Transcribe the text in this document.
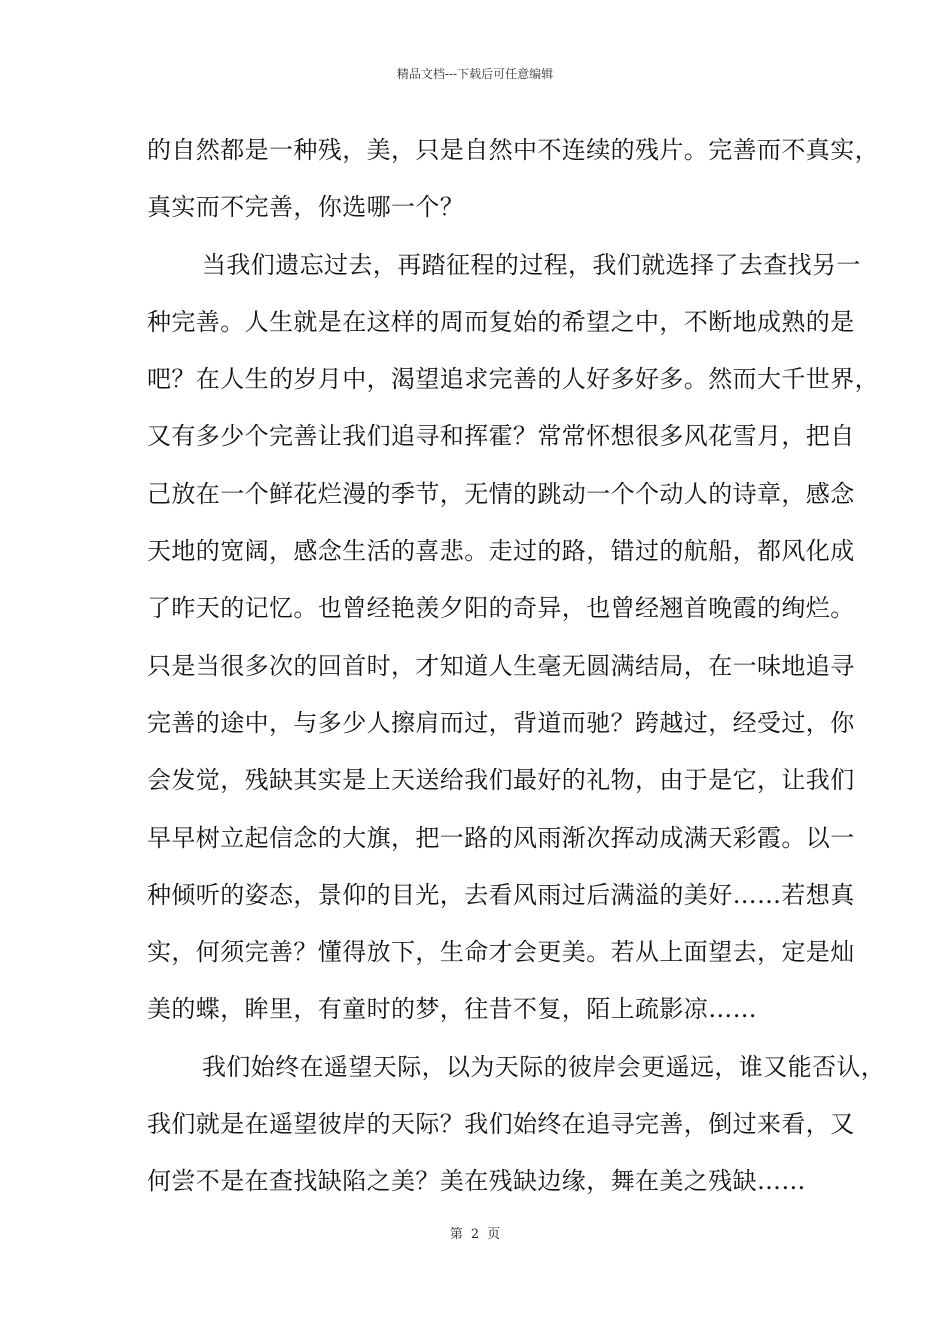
精品文档---下载后可任意编辑
的自然都是一种残，美，只是自然中不连续的残片。完善而不真实，
真实而不完善，你选哪一个？
当我们遗忘过去，再踏征程的过程，我们就选择了去查找另一
种完善。人生就是在这样的周而复始的希望之中，不断地成熟的是
吧？在人生的岁月中，渴望追求完善的人好多好多。然而大千世界，
又有多少个完善让我们追寻和挥霍？常常怀想很多风花雪月，把自
己放在一个鲜花烂漫的季节，无情的跳动一个个动人的诗章，感念
天地的宽阔，感念生活的喜悲。走过的路，错过的航船，都风化成
了昨天的记忆。也曾经艳羡夕阳的奇异，也曾经翘首晚霞的绚烂。
只是当很多次的回首时，才知道人生毫无圆满结局，在一味地追寻
完善的途中，与多少人擦肩而过，背道而驰？跨越过，经受过，你
会发觉，残缺其实是上天送给我们最好的礼物，由于是它，让我们
早早树立起信念的大旗，把一路的风雨渐次挥动成满天彩霞。以一
种倾听的姿态，景仰的目光，去看风雨过后满溢的美好……若想真
实，何须完善？懂得放下，生命才会更美。若从上面望去，定是灿
美的蝶，眸里，有童时的梦，往昔不复，陌上疏影凉……
我们始终在遥望天际，以为天际的彼岸会更遥远，谁又能否认，
我们就是在遥望彼岸的天际？我们始终在追寻完善，倒过来看，又
何尝不是在查找缺陷之美？美在残缺边缘，舞在美之残缺……
第 2 页
